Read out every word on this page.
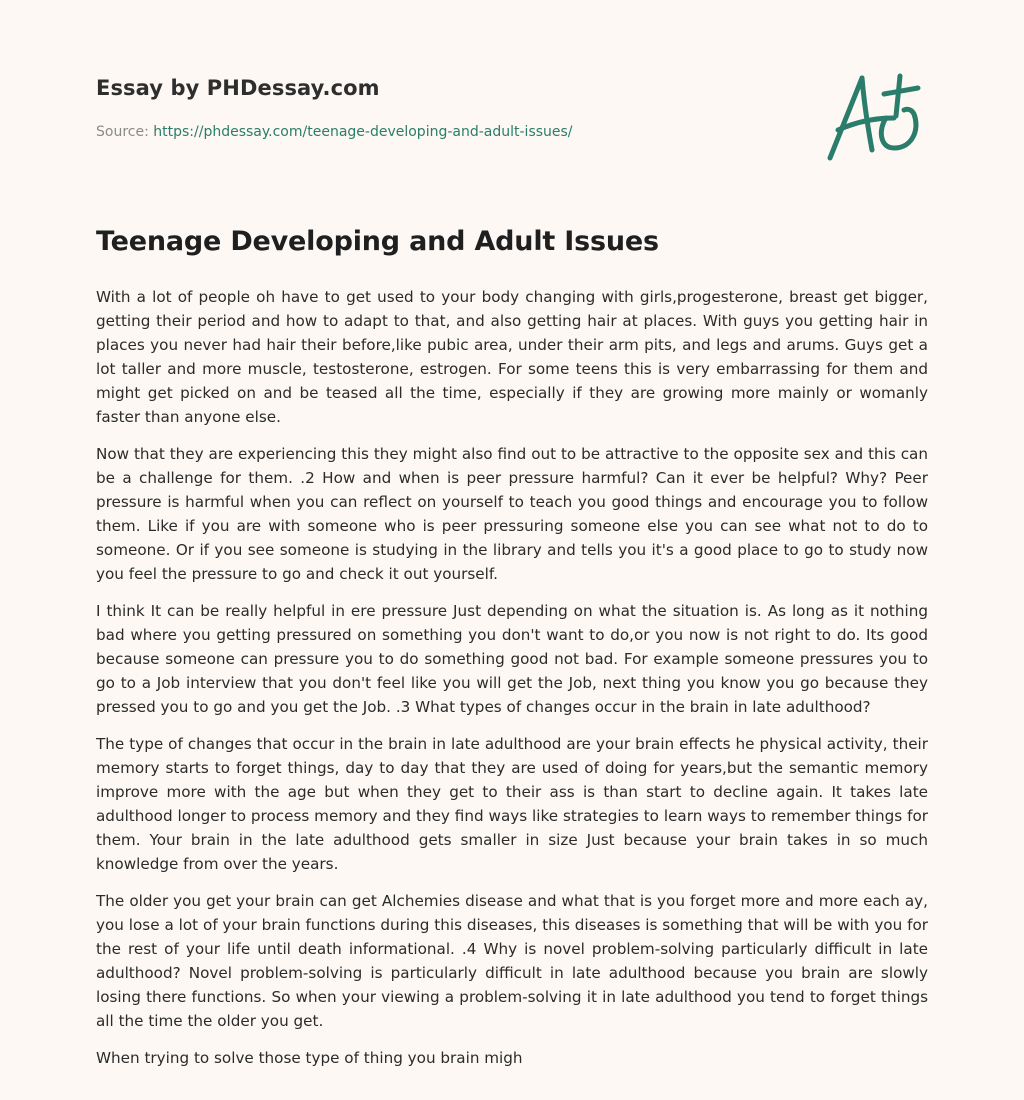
Essay by PHDessay.com
Source: https://phdessay.com/teenage-developing-and-adult-issues/
Teenage Developing and Adult Issues

With a lot of people oh have to get used to your body changing with girls,progesterone, breast get bigger, getting their period and how to adapt to that, and also getting hair at places. With guys you getting hair in places you never had hair their before,like pubic area, under their arm pits, and legs and arums. Guys get a lot taller and more muscle, testosterone, estrogen. For some teens this is very embarrassing for them and might get picked on and be teased all the time, especially if they are growing more mainly or womanly faster than anyone else.

Now that they are experiencing this they might also find out to be attractive to the opposite sex and this can be a challenge for them. .2 How and when is peer pressure harmful? Can it ever be helpful? Why? Peer pressure is harmful when you can reflect on yourself to teach you good things and encourage you to follow them. Like if you are with someone who is peer pressuring someone else you can see what not to do to someone. Or if you see someone is studying in the library and tells you it's a good place to go to study now you feel the pressure to go and check it out yourself.

I think It can be really helpful in ere pressure Just depending on what the situation is. As long as it nothing bad where you getting pressured on something you don't want to do,or you now is not right to do. Its good because someone can pressure you to do something good not bad. For example someone pressures you to go to a Job interview that you don't feel like you will get the Job, next thing you know you go because they pressed you to go and you get the Job. .3 What types of changes occur in the brain in late adulthood?

The type of changes that occur in the brain in late adulthood are your brain effects he physical activity, their memory starts to forget things, day to day that they are used of doing for years,but the semantic memory improve more with the age but when they get to their ass is than start to decline again. It takes late adulthood longer to process memory and they find ways like strategies to learn ways to remember things for them. Your brain in the late adulthood gets smaller in size Just because your brain takes in so much knowledge from over the years.

The older you get your brain can get Alchemies disease and what that is you forget more and more each ay, you lose a lot of your brain functions during this diseases, this diseases is something that will be with you for the rest of your life until death informational. .4 Why is novel problem-solving particularly difficult in late adulthood? Novel problem-solving is particularly difficult in late adulthood because you brain are slowly losing there functions. So when your viewing a problem-solving it in late adulthood you tend to forget things all the time the older you get.

When trying to solve those type of thing you brain migh
